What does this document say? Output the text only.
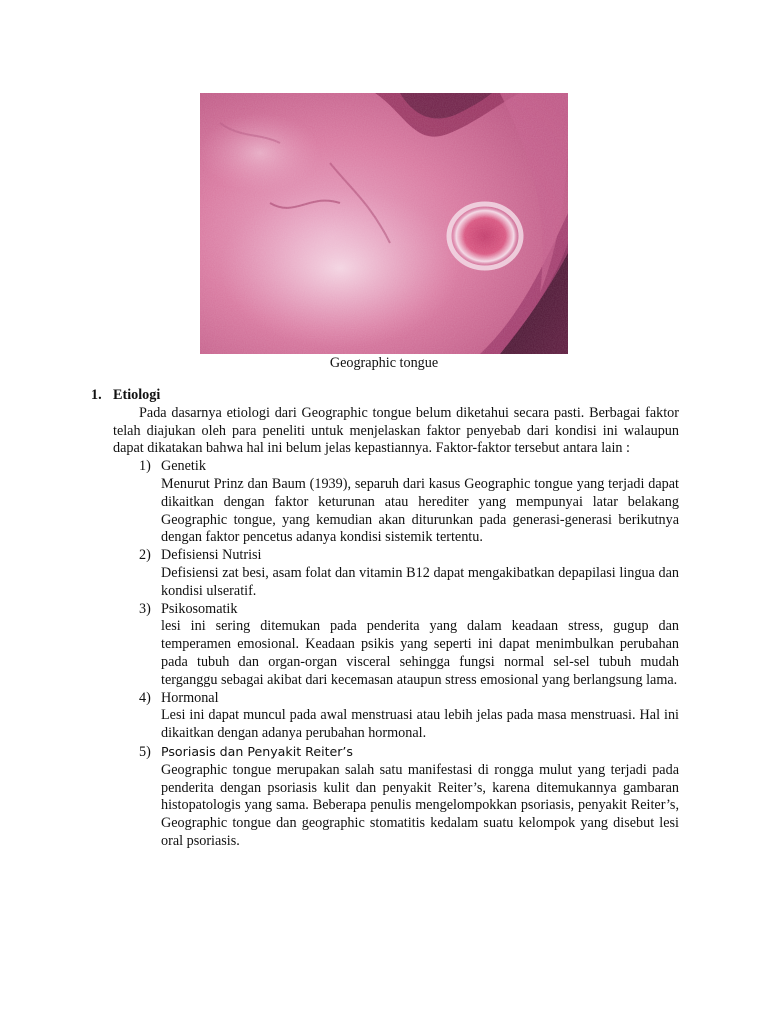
Geographic tongue
1. Etiologi

Pada dasarnya etiologi dari Geographic tongue belum diketahui secara pasti. Berbagai faktor telah diajukan oleh para peneliti untuk menjelaskan faktor penyebab dari kondisi ini walaupun dapat dikatakan bahwa hal ini belum jelas kepastiannya. Faktor-faktor tersebut antara lain :

1) Genetik

Menurut Prinz dan Baum (1939), separuh dari kasus Geographic tongue yang terjadi dapat dikaitkan dengan faktor keturunan atau herediter yang mempunyai latar belakang Geographic tongue, yang kemudian akan diturunkan pada generasi-generasi berikutnya dengan faktor pencetus adanya kondisi sistemik tertentu.

2) Defisiensi Nutrisi

Defisiensi zat besi, asam folat dan vitamin B12 dapat mengakibatkan depapilasi lingua dan kondisi ulseratif.

3) Psikosomatik

lesi ini sering ditemukan pada penderita yang dalam keadaan stress, gugup dan temperamen emosional. Keadaan psikis yang seperti ini dapat menimbulkan perubahan pada tubuh dan organ-organ visceral sehingga fungsi normal sel-sel tubuh mudah terganggu sebagai akibat dari kecemasan ataupun stress emosional yang berlangsung lama.

4) Hormonal

Lesi ini dapat muncul pada awal menstruasi atau lebih jelas pada masa menstruasi. Hal ini dikaitkan dengan adanya perubahan hormonal.

5) Psoriasis dan Penyakit Reiter’s

Geographic tongue merupakan salah satu manifestasi di rongga mulut yang terjadi pada penderita dengan psoriasis kulit dan penyakit Reiter’s, karena ditemukannya gambaran histopatologis yang sama. Beberapa penulis mengelompokkan psoriasis, penyakit Reiter’s, Geographic tongue dan geographic stomatitis kedalam suatu kelompok yang disebut lesi oral psoriasis.
